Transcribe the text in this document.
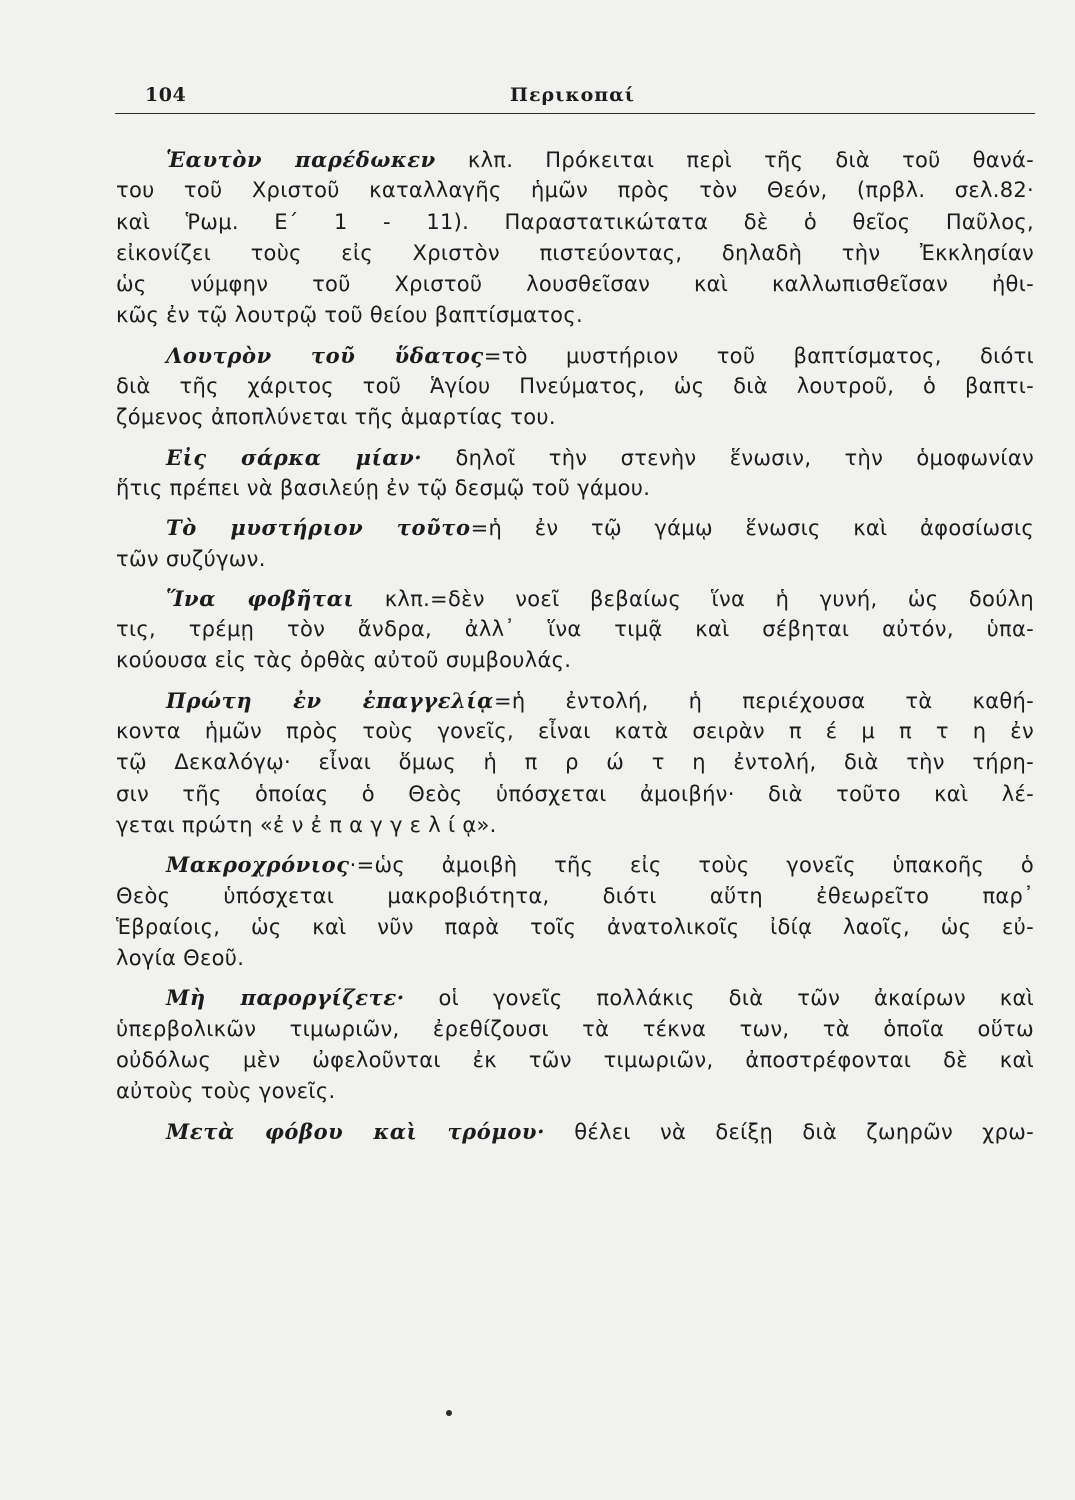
104	Περικοπαί
Ἑαυτὸν παρέδωκεν κλπ. Πρόκειται περὶ τῆς διὰ τοῦ θανά-
του τοῦ Χριστοῦ καταλλαγῆς ἡμῶν πρὸς τὸν Θεόν, (πρβλ. σελ.82·
καὶ Ῥωμ. Ε΄ 1 - 11). Παραστατικώτατα δὲ ὁ θεῖος Παῦλος,
εἰκονίζει τοὺς εἰς Χριστὸν πιστεύοντας, δηλαδὴ τὴν Ἐκκλησίαν
ὡς νύμφην τοῦ Χριστοῦ λουσθεῖσαν καὶ καλλωπισθεῖσαν ἠθι-
κῶς ἐν τῷ λουτρῷ τοῦ θείου βαπτίσματος.
Λουτρὸν τοῦ ὕδατος=τὸ μυστήριον τοῦ βαπτίσματος, διότι
διὰ τῆς χάριτος τοῦ Ἁγίου Πνεύματος, ὡς διὰ λουτροῦ, ὁ βαπτι-
ζόμενος ἀποπλύνεται τῆς ἁμαρτίας του.
Εἰς σάρκα μίαν· δηλοῖ τὴν στενὴν ἕνωσιν, τὴν ὁμοφωνίαν
ἥτις πρέπει νὰ βασιλεύῃ ἐν τῷ δεσμῷ τοῦ γάμου.
Τὸ μυστήριον τοῦτο=ἡ ἐν τῷ γάμῳ ἕνωσις καὶ ἀφοσίωσις
τῶν συζύγων.
Ἵνα φοβῆται κλπ.=δὲν νοεῖ βεβαίως ἵνα ἡ γυνή, ὡς δούλη
τις, τρέμῃ τὸν ἄνδρα, ἀλλ᾽ ἵνα τιμᾷ καὶ σέβηται αὐτόν, ὑπα-
κούουσα εἰς τὰς ὀρθὰς αὐτοῦ συμβουλάς.
Πρώτη ἐν ἐπαγγελίᾳ=ἡ ἐντολή, ἡ περιέχουσα τὰ καθή-
κοντα ἡμῶν πρὸς τοὺς γονεῖς, εἶναι κατὰ σειρὰν π έ μ π τ η ἐν
τῷ Δεκαλόγῳ· εἶναι ὅμως ἡ π ρ ώ τ η ἐντολή, διὰ τὴν τήρη-
σιν τῆς ὁποίας ὁ Θεὸς ὑπόσχεται ἀμοιβήν· διὰ τοῦτο καὶ λέ-
γεται πρώτη «ἐ ν ἐ π α γ γ ε λ ί ᾳ».
Μακροχρόνιος·=ὡς ἀμοιβὴ τῆς εἰς τοὺς γονεῖς ὑπακοῆς ὁ
Θεὸς ὑπόσχεται μακροβιότητα, διότι αὕτη ἐθεωρεῖτο παρ᾽
Ἑβραίοις, ὡς καὶ νῦν παρὰ τοῖς ἀνατολικοῖς ἰδίᾳ λαοῖς, ὡς εὐ-
λογία Θεοῦ.
Μὴ παροργίζετε· οἱ γονεῖς πολλάκις διὰ τῶν ἀκαίρων καὶ
ὑπερβολικῶν τιμωριῶν, ἐρεθίζουσι τὰ τέκνα των, τὰ ὁποῖα οὕτω
οὐδόλως μὲν ὠφελοῦνται ἐκ τῶν τιμωριῶν, ἀποστρέφονται δὲ καὶ
αὐτοὺς τοὺς γονεῖς.
Μετὰ φόβου καὶ τρόμου· θέλει νὰ δείξῃ διὰ ζωηρῶν χρω-
